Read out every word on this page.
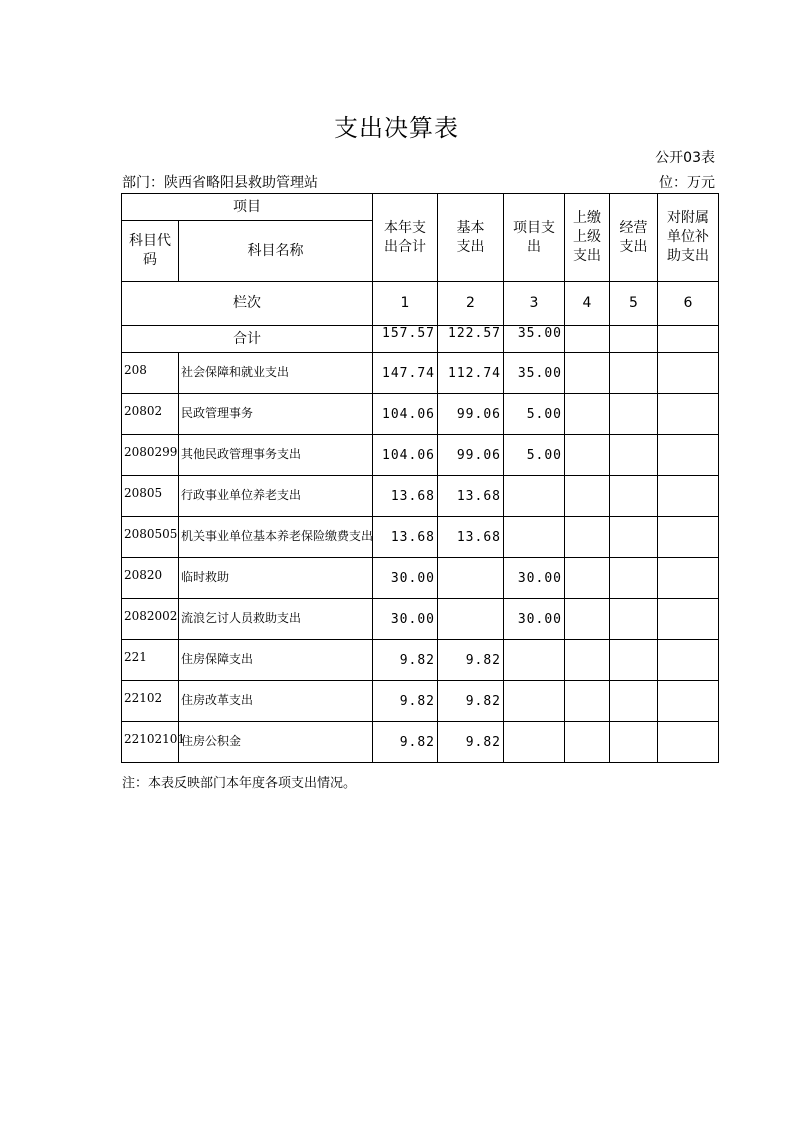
支出决算表
公开03表
部门：陕西省略阳县救助管理站	位：万元
项目		本年支出合计	基本支出	项目支出	上缴上级支出	经营支出	对附属单位补助支出
科目代码	科目名称						
栏次		1	2	3	4	5	6
合计		157.57	122.57	35.00			
208	社会保障和就业支出	147.74	112.74	35.00			
20802	民政管理事务	104.06	99.06	5.00			
2080299	其他民政管理事务支出	104.06	99.06	5.00			
20805	行政事业单位养老支出	13.68	13.68				
2080505	机关事业单位基本养老保险缴费支出	13.68	13.68				
20820	临时救助	30.00		30.00			
2082002	流浪乞讨人员救助支出	30.00		30.00			
221	住房保障支出	9.82	9.82				
22102	住房改革支出	9.82	9.82				
22102101	住房公积金	9.82	9.82				
注：本表反映部门本年度各项支出情况。
